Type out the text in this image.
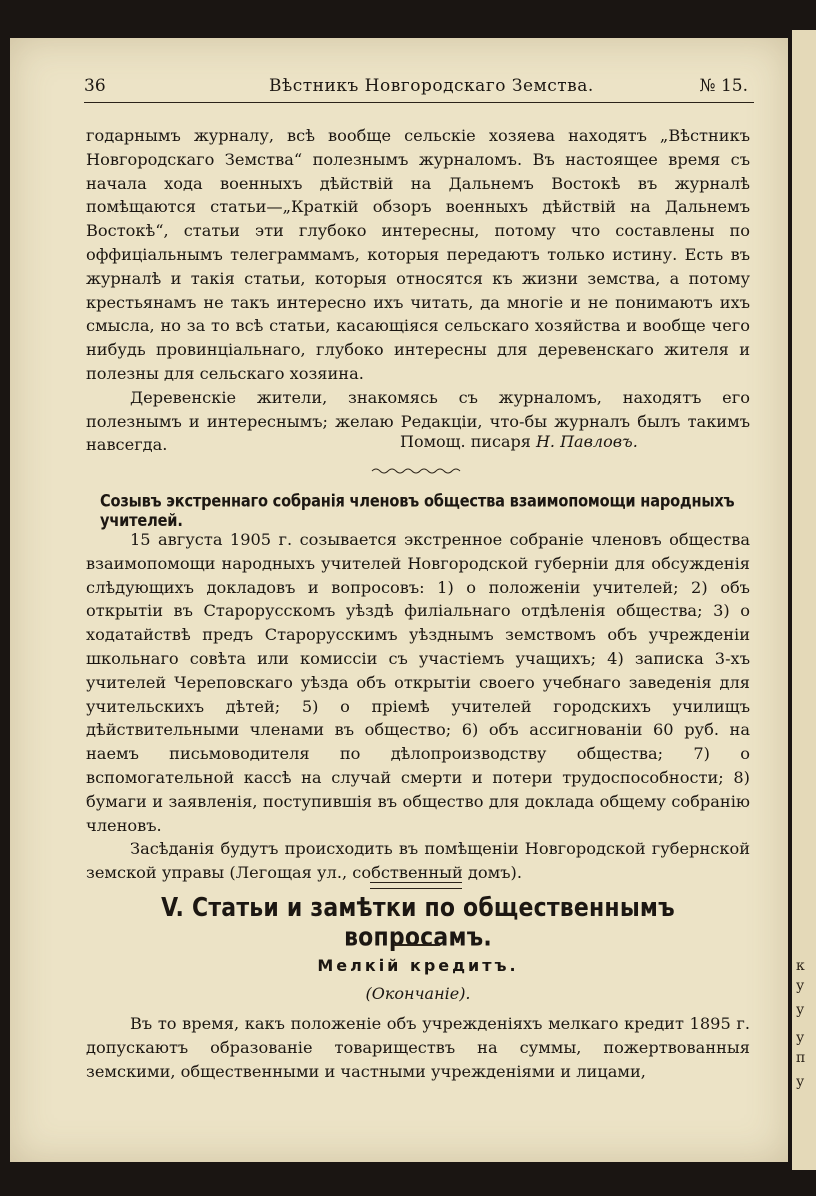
к
у
у
у
п
у
36	Вѣстникъ Новгородскаго Земства.	№ 15.

годарнымъ журналу, всѣ вообще сельскіе хозяева находятъ „Вѣстникъ Новгородскаго Земства“ полезнымъ журналомъ. Въ настоящее время съ начала хода военныхъ дѣйствій на Дальнемъ Востокѣ въ журналѣ помѣщаются статьи—„Краткій обзоръ военныхъ дѣйствій на Дальнемъ Востокѣ“, статьи эти глубоко интересны, потому что составлены по оффиціальнымъ телеграммамъ, которыя передаютъ только истину. Есть въ журналѣ и такія статьи, которыя относятся къ жизни земства, а потому крестьянамъ не такъ интересно ихъ читать, да многіе и не понимаютъ ихъ смысла, но за то всѣ статьи, касающіяся сельскаго хозяйства и вообще чего нибудь провинціальнаго, глубоко интересны для деревенскаго жителя и полезны для сельскаго хозяина.

Деревенскіе жители, знакомясь съ журналомъ, находятъ его полезнымъ и интереснымъ; желаю Редакціи, что-бы журналъ былъ такимъ навсегда.	Помощ. писаря Н. Павловъ.
Созывъ экстреннаго собранія членовъ общества взаимопомощи народныхъ учителей.

15 августа 1905 г. созывается экстренное собраніе членовъ общества взаимопомощи народныхъ учителей Новгородской губерніи для обсужденія слѣдующихъ докладовъ и вопросовъ: 1) о положеніи учителей; 2) объ открытіи въ Старорусскомъ уѣздѣ филіальнаго отдѣленія общества; 3) о ходатайствѣ предъ Старорусскимъ уѣзднымъ земствомъ объ учрежденіи школьнаго совѣта или комиссіи съ участіемъ учащихъ; 4) записка 3-хъ учителей Череповскаго уѣзда объ открытіи своего учебнаго заведенія для учительскихъ дѣтей; 5) о пріемѣ учителей городскихъ училищъ дѣйствительными членами въ общество; 6) объ ассигнованіи 60 руб. на наемъ письмоводителя по дѣлопроизводству общества; 7) о вспомогательной кассѣ на случай смерти и потери трудоспособности; 8) бумаги и заявленія, поступившія въ общество для доклада общему собранію членовъ.

Засѣданія будутъ происходить въ помѣщеніи Новгородской губернской земской управы (Легощая ул., собственный домъ).

V. Статьи и замѣтки по общественнымъ вопросамъ.
Мелкій кредитъ.
(Окончаніе).

Въ то время, какъ положеніе объ учрежденіяхъ мелкаго кредит 1895 г. допускаютъ образованіе товариществъ на суммы, пожертвованныя земскими, общественными и частными учрежденіями и лицами,
